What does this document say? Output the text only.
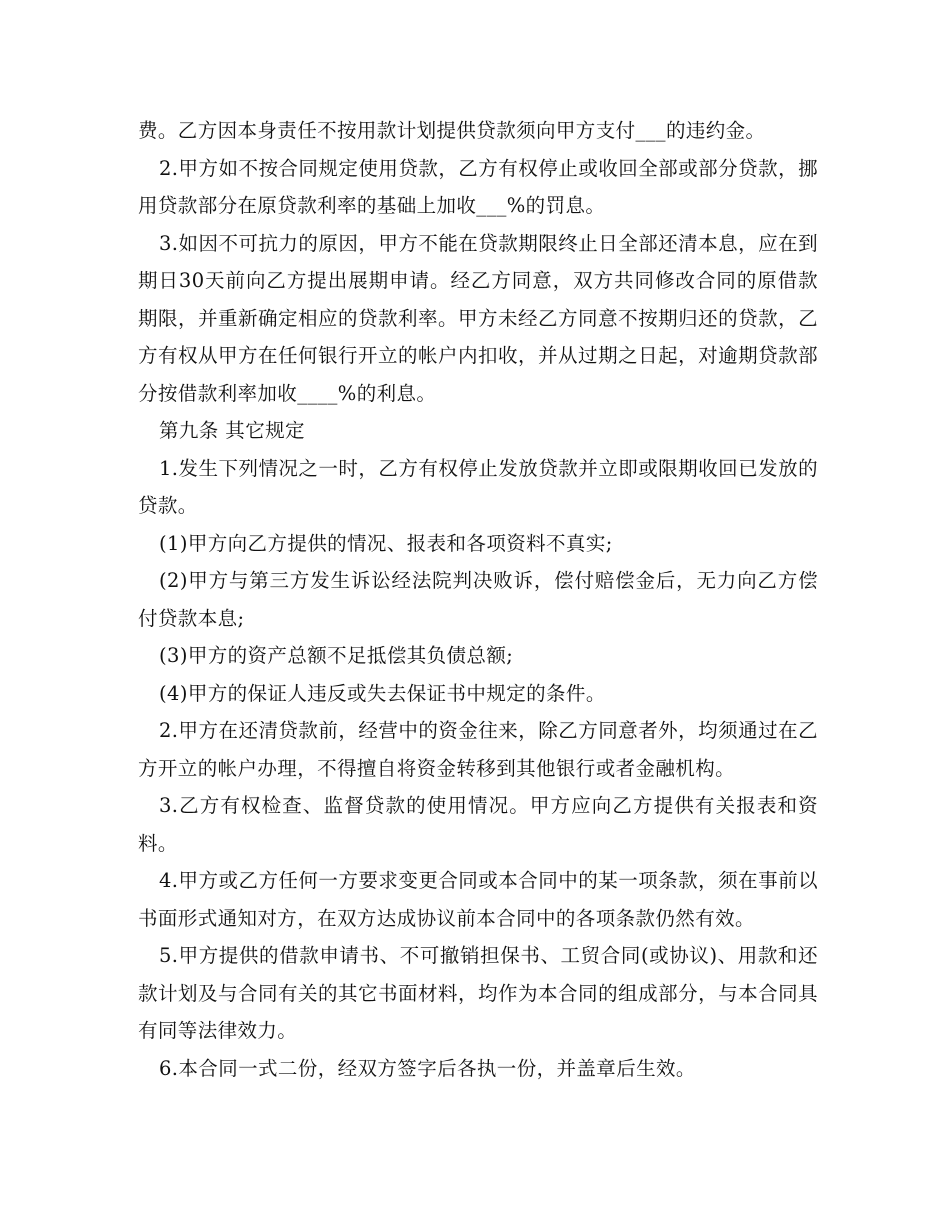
费。乙方因本身责任不按用款计划提供贷款须向甲方支付___的违约金。

2.甲方如不按合同规定使用贷款，乙方有权停止或收回全部或部分贷款，挪用贷款部分在原贷款利率的基础上加收___%的罚息。

3.如因不可抗力的原因，甲方不能在贷款期限终止日全部还清本息，应在到期日30天前向乙方提出展期申请。经乙方同意，双方共同修改合同的原借款期限，并重新确定相应的贷款利率。甲方未经乙方同意不按期归还的贷款，乙方有权从甲方在任何银行开立的帐户内扣收，并从过期之日起，对逾期贷款部分按借款利率加收____%的利息。

第九条 其它规定

1.发生下列情况之一时，乙方有权停止发放贷款并立即或限期收回已发放的贷款。

(1)甲方向乙方提供的情况、报表和各项资料不真实;

(2)甲方与第三方发生诉讼经法院判决败诉，偿付赔偿金后，无力向乙方偿付贷款本息;

(3)甲方的资产总额不足抵偿其负债总额;

(4)甲方的保证人违反或失去保证书中规定的条件。

2.甲方在还清贷款前，经营中的资金往来，除乙方同意者外，均须通过在乙方开立的帐户办理，不得擅自将资金转移到其他银行或者金融机构。

3.乙方有权检查、监督贷款的使用情况。甲方应向乙方提供有关报表和资料。

4.甲方或乙方任何一方要求变更合同或本合同中的某一项条款，须在事前以书面形式通知对方，在双方达成协议前本合同中的各项条款仍然有效。

5.甲方提供的借款申请书、不可撤销担保书、工贸合同(或协议)、用款和还款计划及与合同有关的其它书面材料，均作为本合同的组成部分，与本合同具有同等法律效力。

6.本合同一式二份，经双方签字后各执一份，并盖章后生效。
